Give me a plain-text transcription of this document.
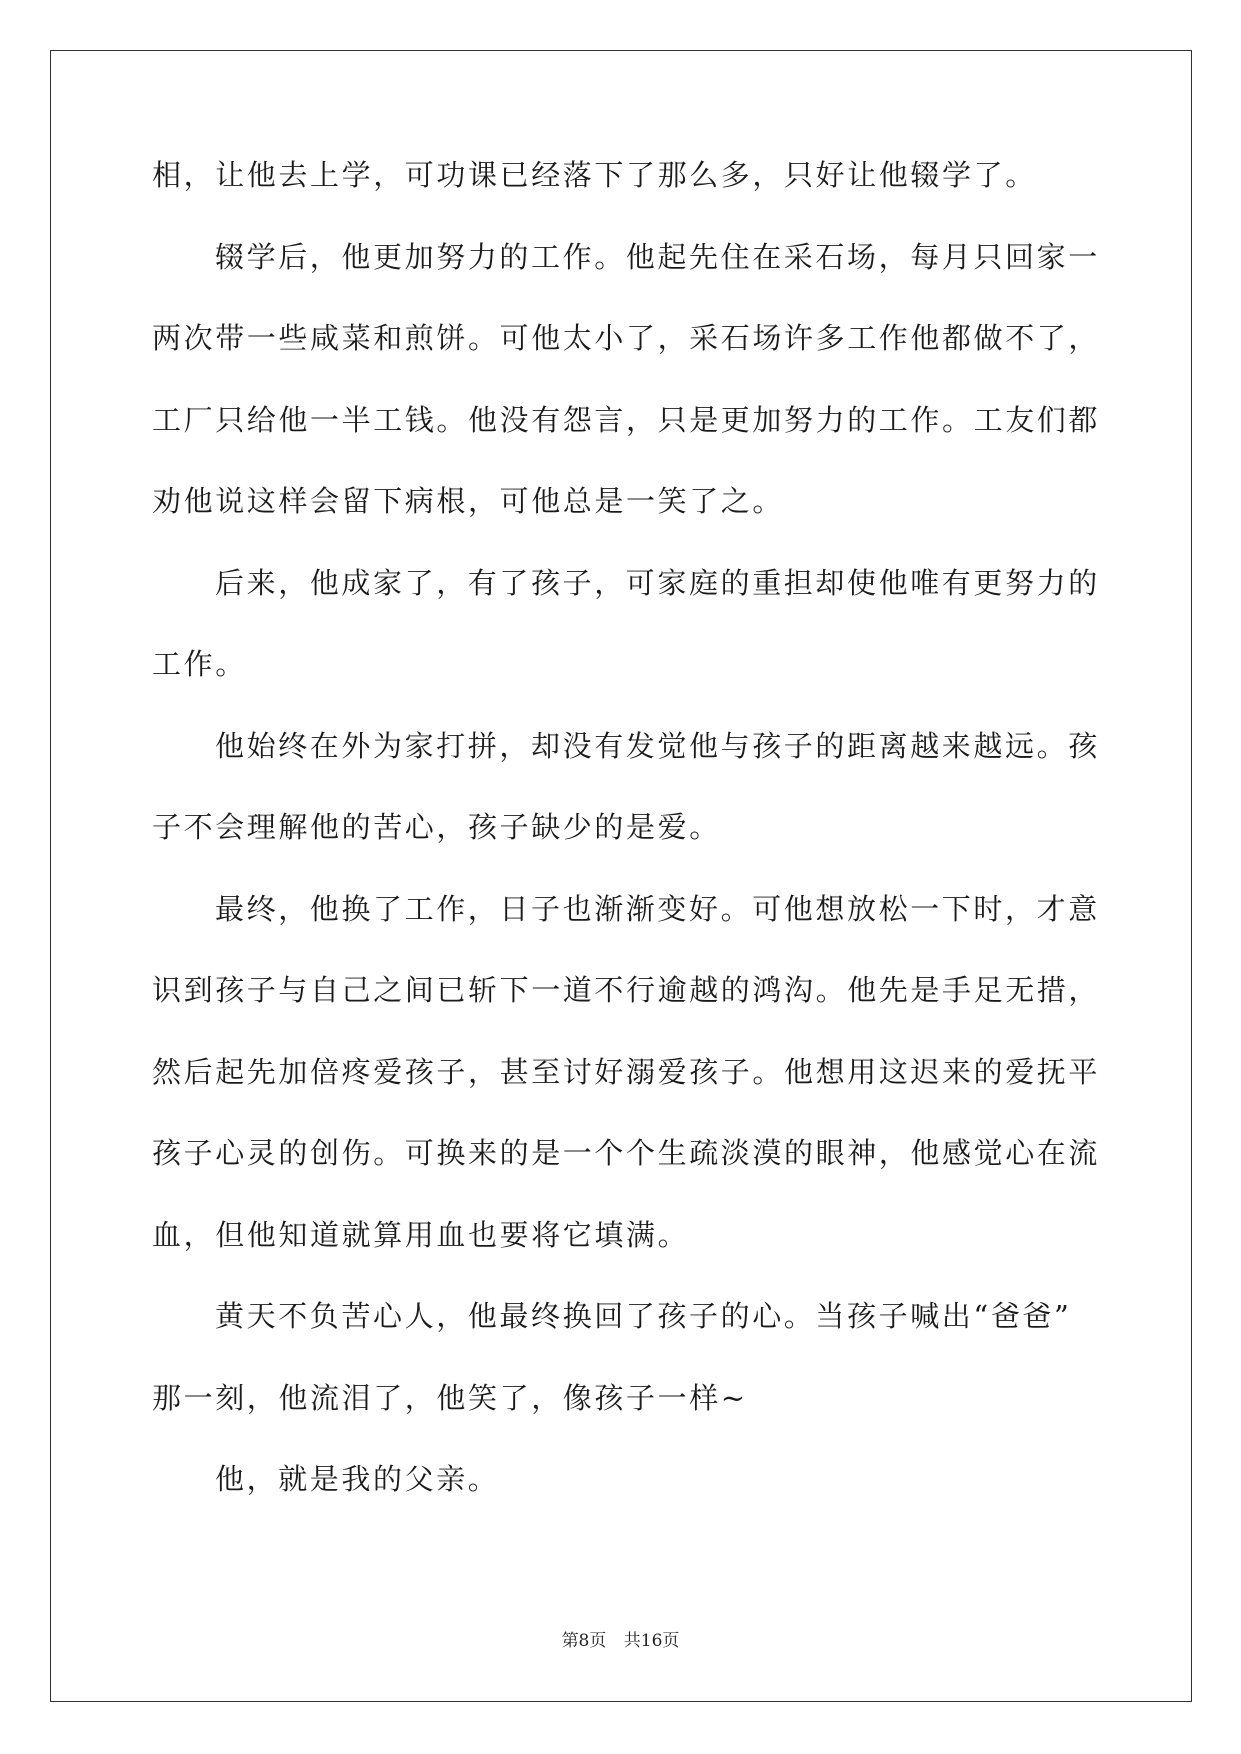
相，让他去上学，可功课已经落下了那么多，只好让他辍学了。
辍学后，他更加努力的工作。他起先住在采石场，每月只回家一
两次带一些咸菜和煎饼。可他太小了，采石场许多工作他都做不了，
工厂只给他一半工钱。他没有怨言，只是更加努力的工作。工友们都
劝他说这样会留下病根，可他总是一笑了之。
后来，他成家了，有了孩子，可家庭的重担却使他唯有更努力的
工作。
他始终在外为家打拼，却没有发觉他与孩子的距离越来越远。孩
子不会理解他的苦心，孩子缺少的是爱。
最终，他换了工作，日子也渐渐变好。可他想放松一下时，才意
识到孩子与自己之间已斩下一道不行逾越的鸿沟。他先是手足无措，
然后起先加倍疼爱孩子，甚至讨好溺爱孩子。他想用这迟来的爱抚平
孩子心灵的创伤。可换来的是一个个生疏淡漠的眼神，他感觉心在流
血，但他知道就算用血也要将它填满。
黄天不负苦心人，他最终换回了孩子的心。当孩子喊出“爸爸”
那一刻，他流泪了，他笑了，像孩子一样~
他，就是我的父亲。
第8页 共16页
